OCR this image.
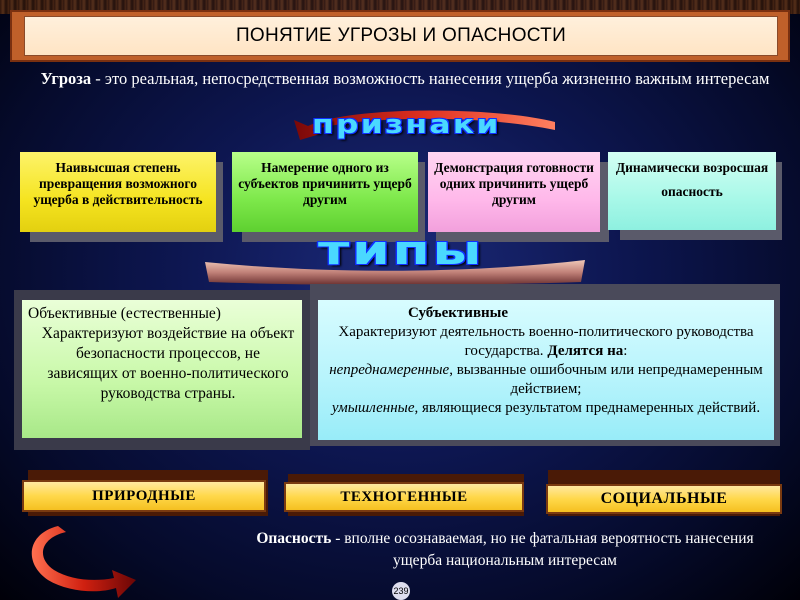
ПОНЯТИЕ УГРОЗЫ И ОПАСНОСТИ
Угроза - это реальная, непосредственная возможность нанесения ущерба жизненно важным интересам
признаки
Наивысшая степень превращения возможного ущерба в действительность
Намерение одного из субъектов причинить ущерб другим
Демонстрация готовности одних причинить ущерб другим
Динамически возросшая опасность
типы
Объективные (естественные)
Характеризуют воздействие на объект безопасности процессов, не зависящих от военно-политического руководства страны.
Субъективные
Характеризуют деятельность военно-политического руководства государства. Делятся на:
непреднамеренные, вызванные ошибочным или непреднамеренным действием;
умышленные, являющиеся результатом преднамеренных действий.
ПРИРОДНЫЕ	ТЕХНОГЕННЫЕ	СОЦИАЛЬНЫЕ
Опасность - вполне осознаваемая, но не фатальная вероятность нанесения ущерба национальным интересам
239
